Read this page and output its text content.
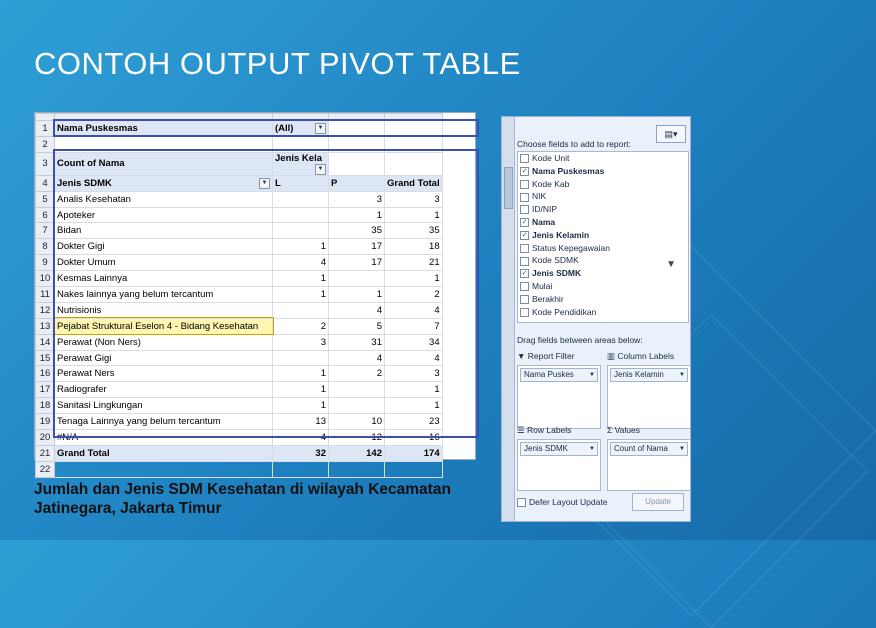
CONTOH OUTPUT PIVOT TABLE

1	Nama Puskesmas	(All) ▼		

2				
3	Count of Nama	Jenis Kela
▼		

4	Jenis SDMK ▼	L	P	Grand Total
5	Analis Kesehatan		3	3
6	Apoteker		1	1
7	Bidan		35	35
8	Dokter Gigi	1	17	18
9	Dokter Umum	4	17	21
10	Kesmas Lainnya	1		1
11	Nakes lainnya yang belum tercantum	1	1	2
12	Nutrisionis		4	4
13	Pejabat Struktural Eselon 4 - Bidang Kesehatan	2	5	7
14	Perawat (Non Ners)	3	31	34
15	Perawat Gigi		4	4
16	Perawat Ners	1	2	3
17	Radiografer	1		1
18	Sanitasi Lingkungan	1		1
19	Tenaga Lainnya yang belum tercantum	13	10	23
20	#N/A	4	12	16
21	Grand Total	32	142	174
22				
Choose fields to add to report:
▤▾
Kode Unit
✓ Nama Puskesmas
Kode Kab
NIK
ID/NIP
✓ Nama
✓ Jenis Kelamin
Status Kepegawaian
Kode SDMK
✓ Jenis SDMK
Mulai
Berakhir
Kode Pendidikan
▼
Drag fields between areas below:
▼ Report Filter	▥ Column Labels
Nama Puskes	▼	Jenis Kelamin	▼
☰ Row Labels	Σ Values
Jenis SDMK	▼	Count of Nama ▼
Defer Layout Update	Update
Jumlah dan Jenis SDM Kesehatan di wilayah Kecamatan
Jatinegara, Jakarta Timur
